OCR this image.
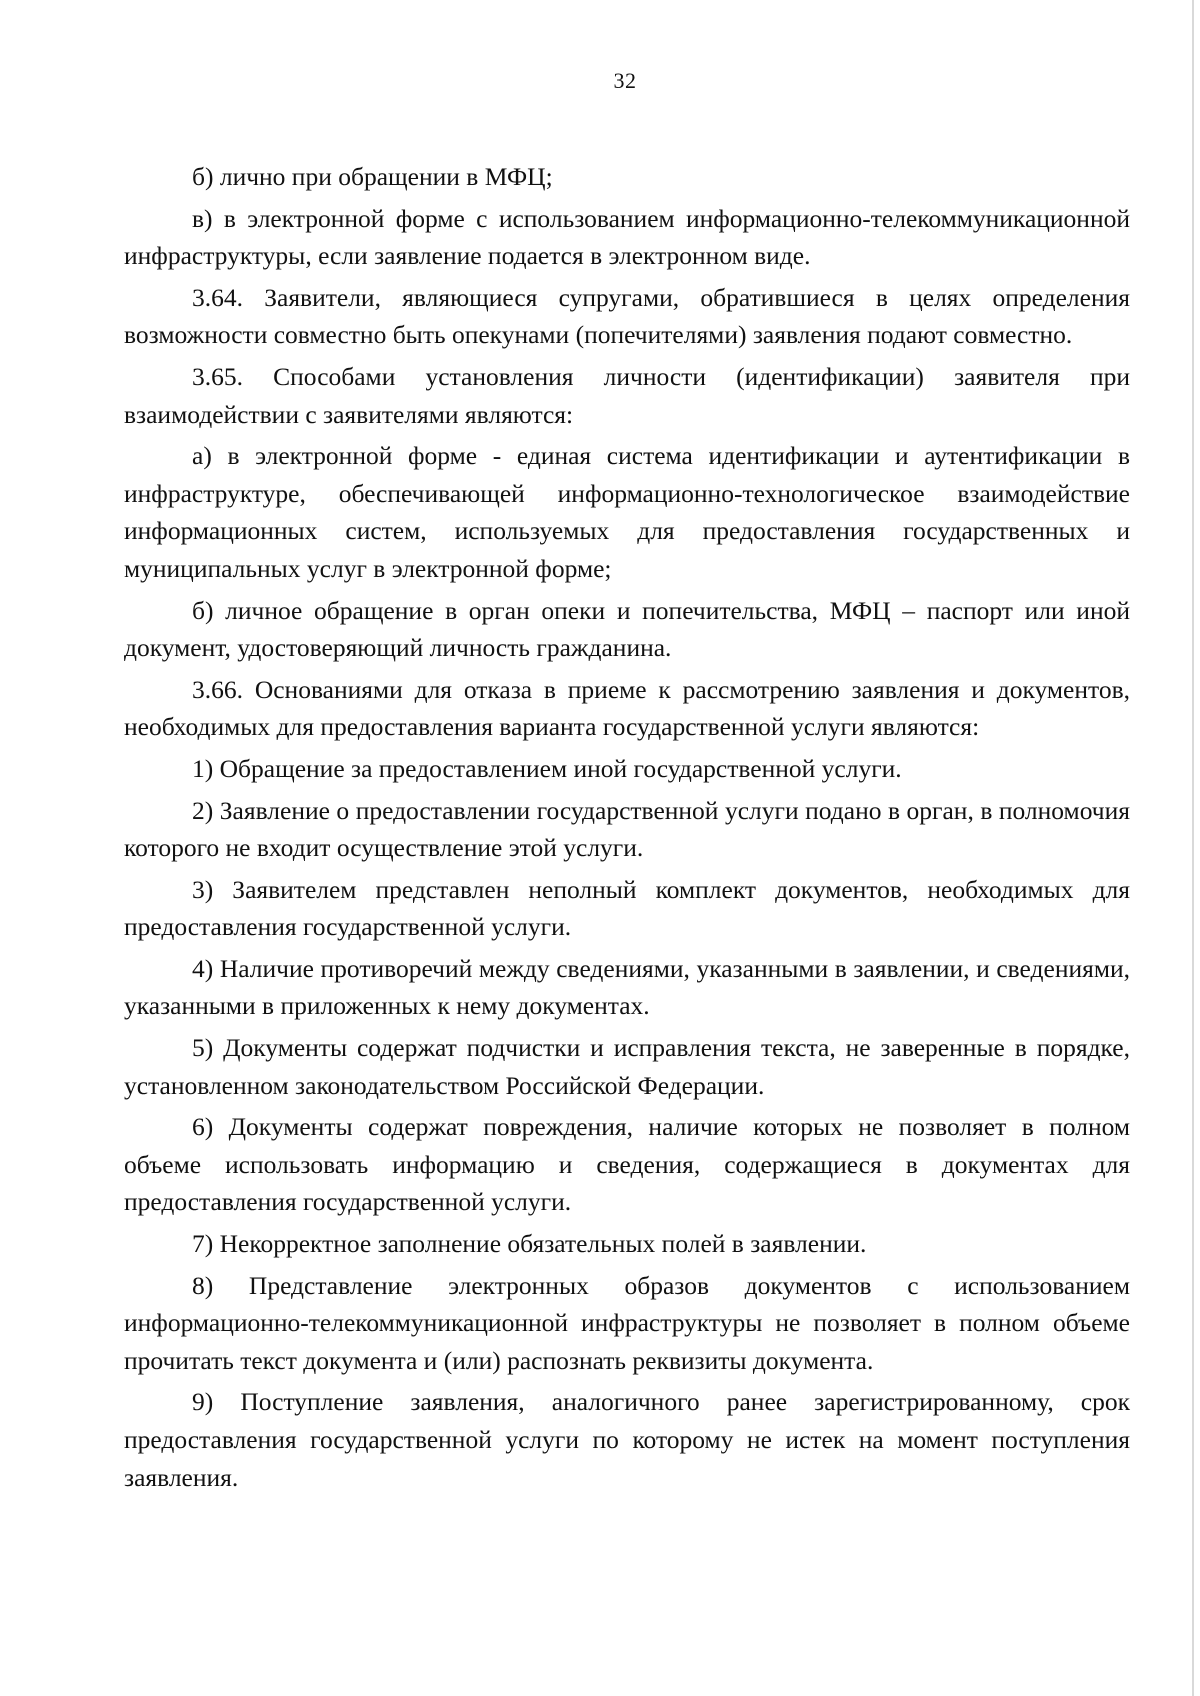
32

б) лично при обращении в МФЦ;

в) в электронной форме с использованием информационно-телекоммуникационной инфраструктуры, если заявление подается в электронном виде.

3.64. Заявители, являющиеся супругами, обратившиеся в целях определения возможности совместно быть опекунами (попечителями) заявления подают совместно.

3.65. Способами установления личности (идентификации) заявителя при взаимодействии с заявителями являются:

а) в электронной форме - единая система идентификации и аутентификации в инфраструктуре, обеспечивающей информационно-технологическое взаимодействие информационных систем, используемых для предоставления государственных и муниципальных услуг в электронной форме;

б) личное обращение в орган опеки и попечительства, МФЦ – паспорт или иной документ, удостоверяющий личность гражданина.

3.66. Основаниями для отказа в приеме к рассмотрению заявления и документов, необходимых для предоставления варианта государственной услуги являются:

1) Обращение за предоставлением иной государственной услуги.

2) Заявление о предоставлении государственной услуги подано в орган, в полномочия которого не входит осуществление этой услуги.

3) Заявителем представлен неполный комплект документов, необходимых для предоставления государственной услуги.

4) Наличие противоречий между сведениями, указанными в заявлении, и сведениями, указанными в приложенных к нему документах.

5) Документы содержат подчистки и исправления текста, не заверенные в порядке, установленном законодательством Российской Федерации.

6) Документы содержат повреждения, наличие которых не позволяет в полном объеме использовать информацию и сведения, содержащиеся в документах для предоставления государственной услуги.

7) Некорректное заполнение обязательных полей в заявлении.

8) Представление электронных образов документов с использованием информационно-телекоммуникационной инфраструктуры не позволяет в полном объеме прочитать текст документа и (или) распознать реквизиты документа.

9) Поступление заявления, аналогичного ранее зарегистрированному, срок предоставления государственной услуги по которому не истек на момент поступления заявления.
